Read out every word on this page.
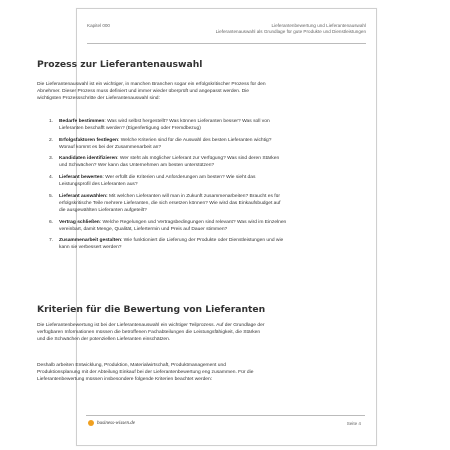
Kapitel 000	Lieferantenbewertung und Lieferantenauswahl
Lieferantenauswahl als Grundlage für gute Produkte und Dienstleistungen
Prozess zur Lieferantenauswahl
Die Lieferantenauswahl ist ein wichtiger, in manchen Branchen sogar ein erfolgskritischer Prozess für den Abnehmer. Dieser Prozess muss definiert und immer wieder überprüft und angepasst werden. Die wichtigsten Prozessschritte der Lieferantenauswahl sind:
Bedarfe bestimmen: Was wird selbst hergestellt? Was können Lieferanten besser? Was soll von Lieferanten beschafft werden? (Eigenfertigung oder Fremdbezug)
Erfolgsfaktoren festlegen: Welche Kriterien sind für die Auswahl des besten Lieferanten wichtig? Worauf kommt es bei der Zusammenarbeit an?
Kandidaten identifizieren: Wer steht als möglicher Lieferant zur Verfügung? Was sind deren Stärken und Schwächen? Wer kann das Unternehmen am besten unterstützen?
Lieferant bewerten: Wer erfüllt die Kriterien und Anforderungen am besten? Wie sieht das Leistungsprofil des Lieferanten aus?
Lieferant auswählen: Mit welchen Lieferanten will man in Zukunft zusammenarbeiten? Braucht es für erfolgskritische Teile mehrere Lieferanten, die sich ersetzen können? Wie wird das Einkaufsbudget auf die ausgewählten Lieferanten aufgeteilt?
Vertrag schließen: Welche Regelungen und Vertragsbedingungen sind relevant? Was wird im Einzelnen vereinbart, damit Menge, Qualität, Liefertermin und Preis auf Dauer stimmen?
Zusammenarbeit gestalten: Wie funktioniert die Lieferung der Produkte oder Dienstleistungen und wie kann sie verbessert werden?
Kriterien für die Bewertung von Lieferanten
Die Lieferantenbewertung ist bei der Lieferantenauswahl ein wichtiger Teilprozess. Auf der Grundlage der verfügbaren Informationen müssen die betroffenen Fachabteilungen die Leistungsfähigkeit, die Stärken und die Schwächen der potenziellen Lieferanten einschätzen.
Deshalb arbeiten Entwicklung, Produktion, Materialwirtschaft, Produktmanagement und Produktionsplanung mit der Abteilung Einkauf bei der Lieferantenbewertung eng zusammen. Für die Lieferantenbewertung müssen insbesondere folgende Kriterien beachtet werden:
business-wissen.de	Seite 4
